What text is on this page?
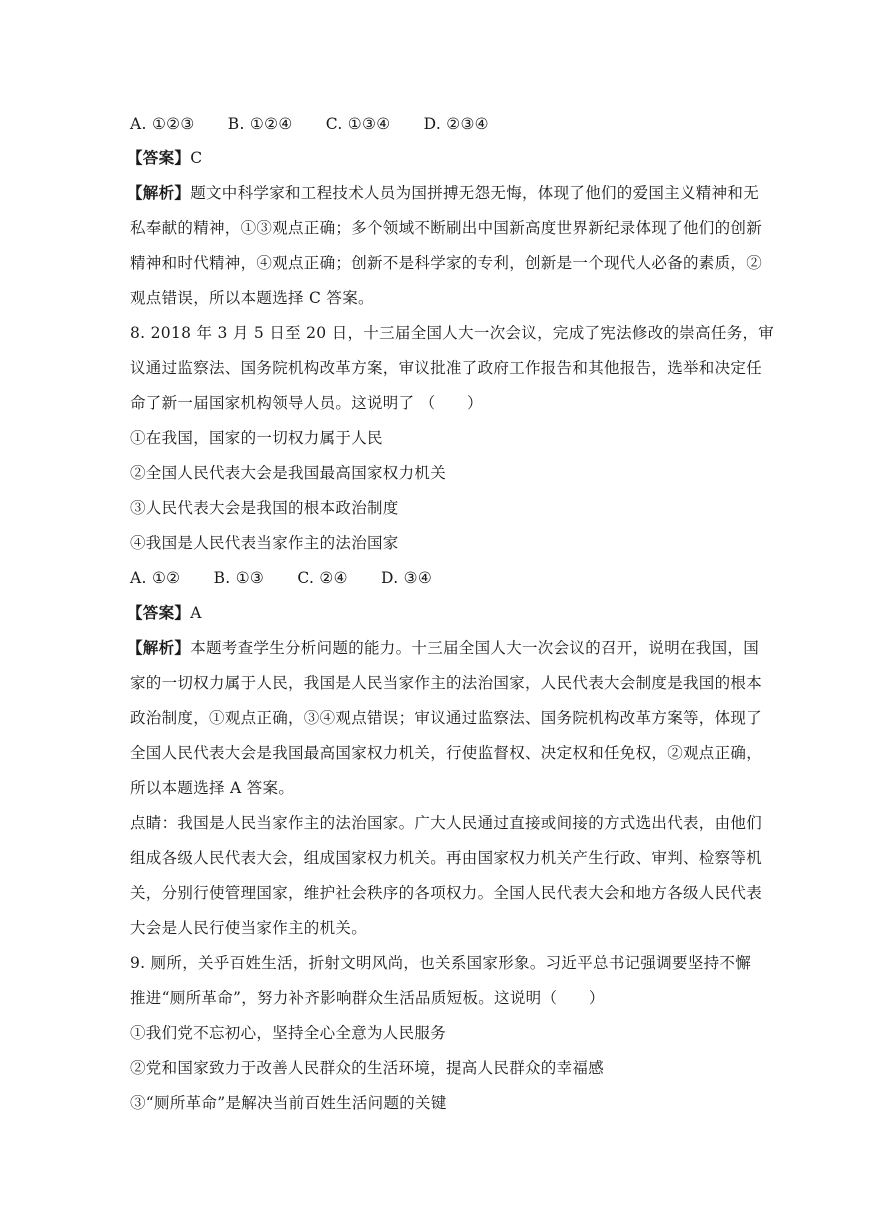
A. ①②③ B. ①②④ C. ①③④ D. ②③④
【答案】C
【解析】题文中科学家和工程技术人员为国拼搏无怨无悔，体现了他们的爱国主义精神和无
私奉献的精神，①③观点正确；多个领域不断刷出中国新高度世界新纪录体现了他们的创新
精神和时代精神，④观点正确；创新不是科学家的专利，创新是一个现代人必备的素质，②
观点错误，所以本题选择 C 答案。
8. 2018 年 3 月 5 日至 20 日，十三届全国人大一次会议，完成了宪法修改的崇高任务，审
议通过监察法、国务院机构改革方案，审议批准了政府工作报告和其他报告，选举和决定任
命了新一届国家机构领导人员。这说明了 （　　）
①在我国，国家的一切权力属于人民
②全国人民代表大会是我国最高国家权力机关
③人民代表大会是我国的根本政治制度
④我国是人民代表当家作主的法治国家
A. ①② B. ①③ C. ②④ D. ③④
【答案】A
【解析】本题考查学生分析问题的能力。十三届全国人大一次会议的召开，说明在我国，国
家的一切权力属于人民，我国是人民当家作主的法治国家，人民代表大会制度是我国的根本
政治制度，①观点正确，③④观点错误；审议通过监察法、国务院机构改革方案等，体现了
全国人民代表大会是我国最高国家权力机关，行使监督权、决定权和任免权，②观点正确，
所以本题选择 A 答案。
点睛：我国是人民当家作主的法治国家。广大人民通过直接或间接的方式选出代表，由他们
组成各级人民代表大会，组成国家权力机关。再由国家权力机关产生行政、审判、检察等机
关，分别行使管理国家，维护社会秩序的各项权力。全国人民代表大会和地方各级人民代表
大会是人民行使当家作主的机关。
9. 厕所，关乎百姓生活，折射文明风尚，也关系国家形象。习近平总书记强调要坚持不懈
推进“厕所革命”，努力补齐影响群众生活品质短板。这说明（　　）
①我们党不忘初心，坚持全心全意为人民服务
②党和国家致力于改善人民群众的生活环境，提高人民群众的幸福感
③“厕所革命”是解决当前百姓生活问题的关键
